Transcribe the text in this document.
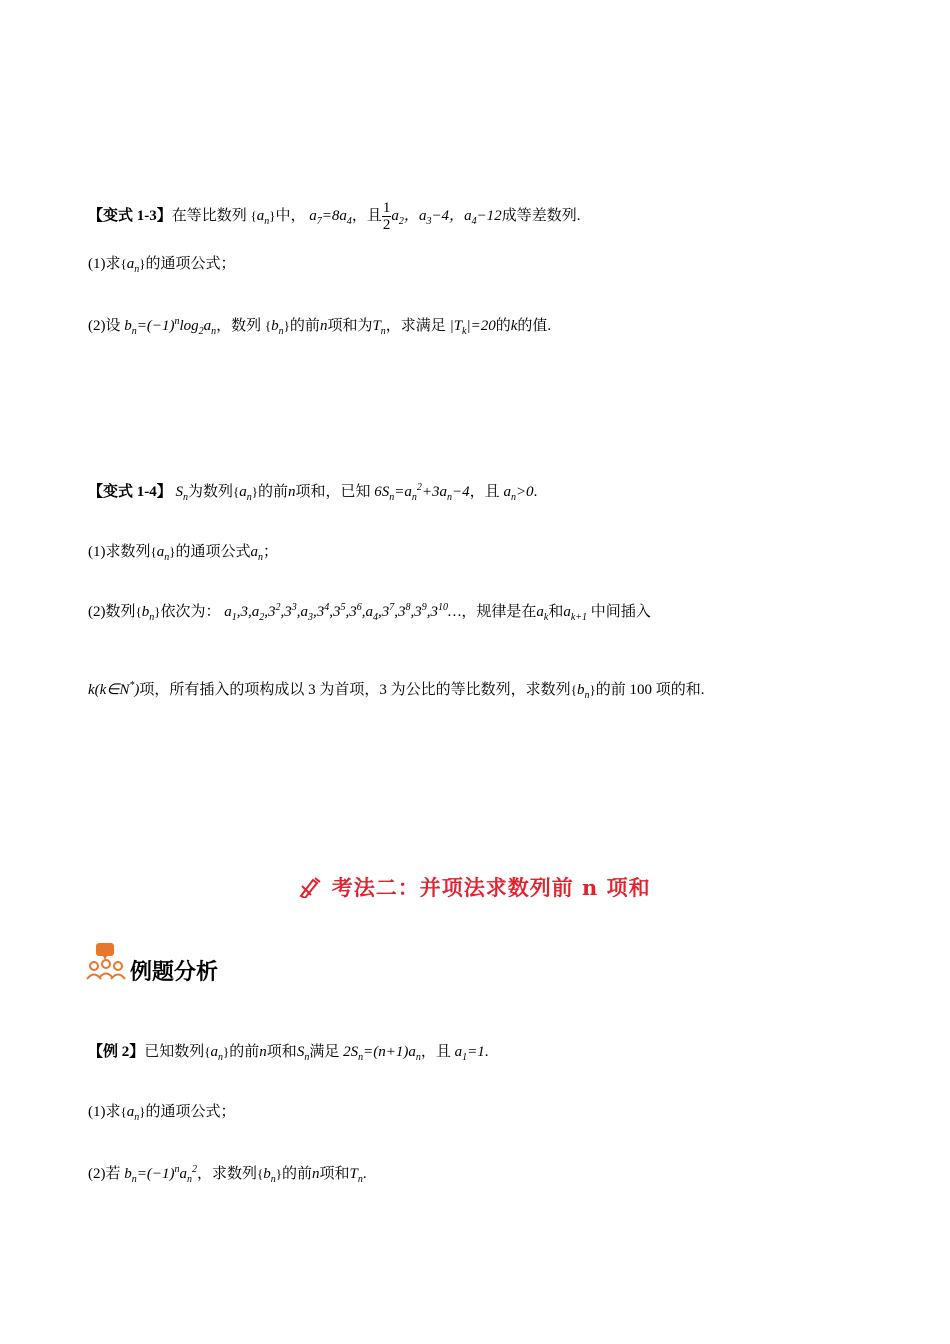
【变式 1-3】在等比数列 $\{a_n\}$中， $a_7=8a_4$，且 $\frac{1}{2} a_2$，$a_3-4$，$a_4-12$成等差数列.
(1)求$\{a_n\}$的通项公式；
(2)设 $b_n=(-1)^n\log_2a_n$，数列 $\{b_n\}$的前n项和为$T_n$，求满足 $|T_k|=20$的k的值.
【变式 1-4】 $S_n$为数列$\{a_n\}$的前n项和，已知 $6S_n=a_n^2+3a_n-4$，且 $a_n>0$.
(1)求数列$\{a_n\}$的通项公式$a_n$；
(2)数列$\{b_n\}$依次为： $a_1,3,a_2,3^2,3^3,a_3,3^4,3^5,3^6,a_4,3^7,3^8,3^9,3^{10}\dots$，规律是在$a_k$和$a_{k+1}$ 中间插入
k(k∈N*)项，所有插入的项构成以 3 为首项，3 为公比的等比数列，求数列$\{b_n\}$的前 100 项的和.
考法二：并项法求数列前 n 项和
例题分析
【例 2】已知数列$\{a_n\}$的前n项和$S_n$满足 $2S_n=(n+1)a_n$，且 $a_1=1$.
(1)求$\{a_n\}$的通项公式；
(2)若 $b_n=(-1)^na_n^2$，求数列$\{b_n\}$的前n项和$T_n$.
